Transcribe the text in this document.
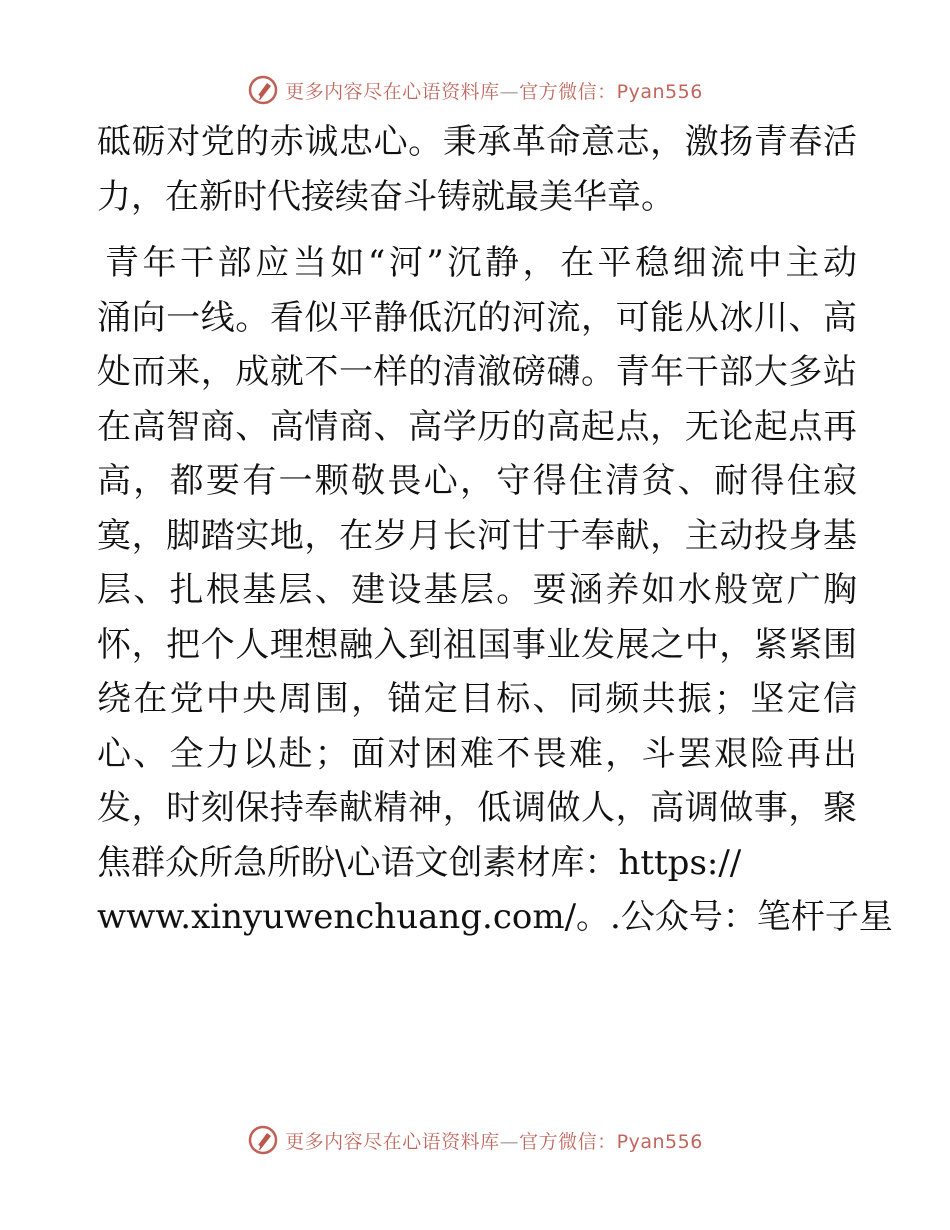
更多内容尽在心语资料库—官方微信：Pyan556

砥砺对党的赤诚忠心。秉承革命意志，激扬青春活
力，在新时代接续奋斗铸就最美华章。

青年干部应当如“河”沉静，在平稳细流中主动
涌向一线。看似平静低沉的河流，可能从冰川、高
处而来，成就不一样的清澈磅礴。青年干部大多站
在高智商、高情商、高学历的高起点，无论起点再
高，都要有一颗敬畏心，守得住清贫、耐得住寂
寞，脚踏实地，在岁月长河甘于奉献，主动投身基
层、扎根基层、建设基层。要涵养如水般宽广胸
怀，把个人理想融入到祖国事业发展之中，紧紧围
绕在党中央周围，锚定目标、同频共振；坚定信
心、全力以赴；面对困难不畏难，斗罢艰险再出
发，时刻保持奉献精神，低调做人，高调做事，聚
焦群众所急所盼\心语文创素材库：https://
www.xinyuwenchuang.com/。.公众号：笔杆子星

更多内容尽在心语资料库—官方微信：Pyan556
